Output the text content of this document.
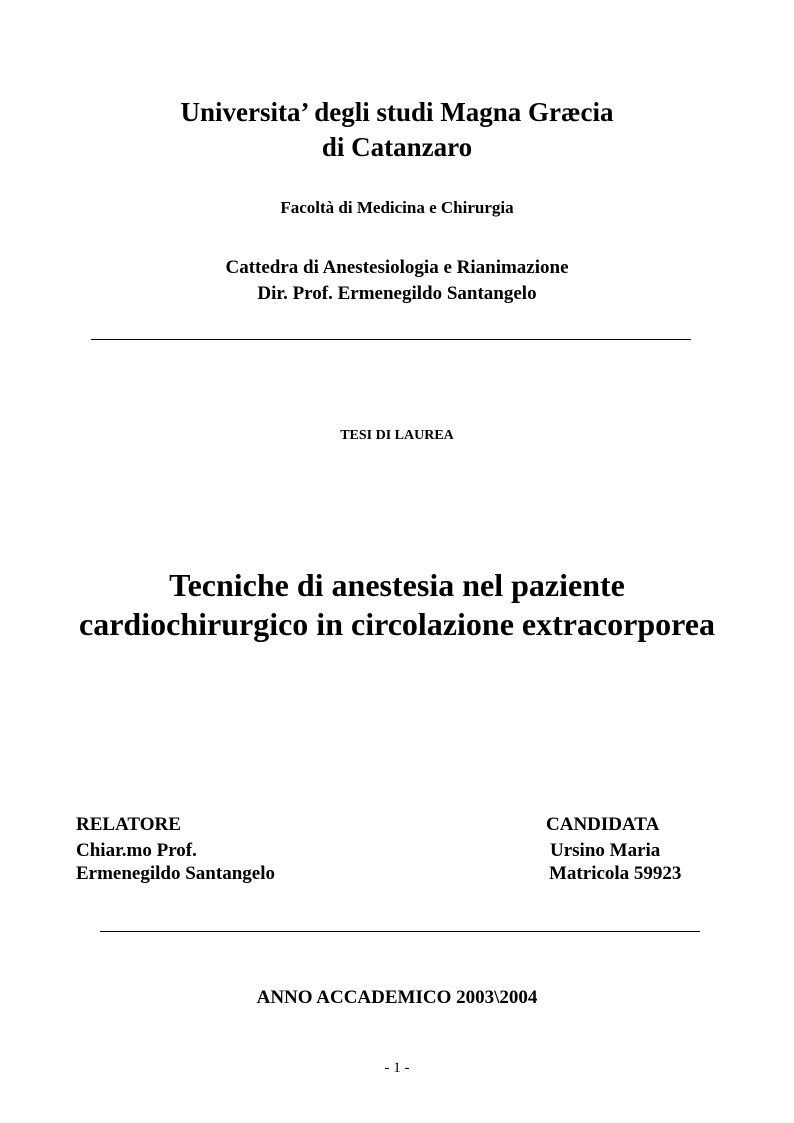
Universita’ degli studi Magna Græcia
di Catanzaro
Facoltà di Medicina e Chirurgia
Cattedra di Anestesiologia e Rianimazione
Dir. Prof. Ermenegildo Santangelo
TESI DI LAUREA
Tecniche di anestesia nel paziente
cardiochirurgico in circolazione extracorporea
RELATORE
Chiar.mo Prof.
Ermenegildo Santangelo
CANDIDATA
Ursino Maria
Matricola 59923
ANNO ACCADEMICO 2003\2004
- 1 -
